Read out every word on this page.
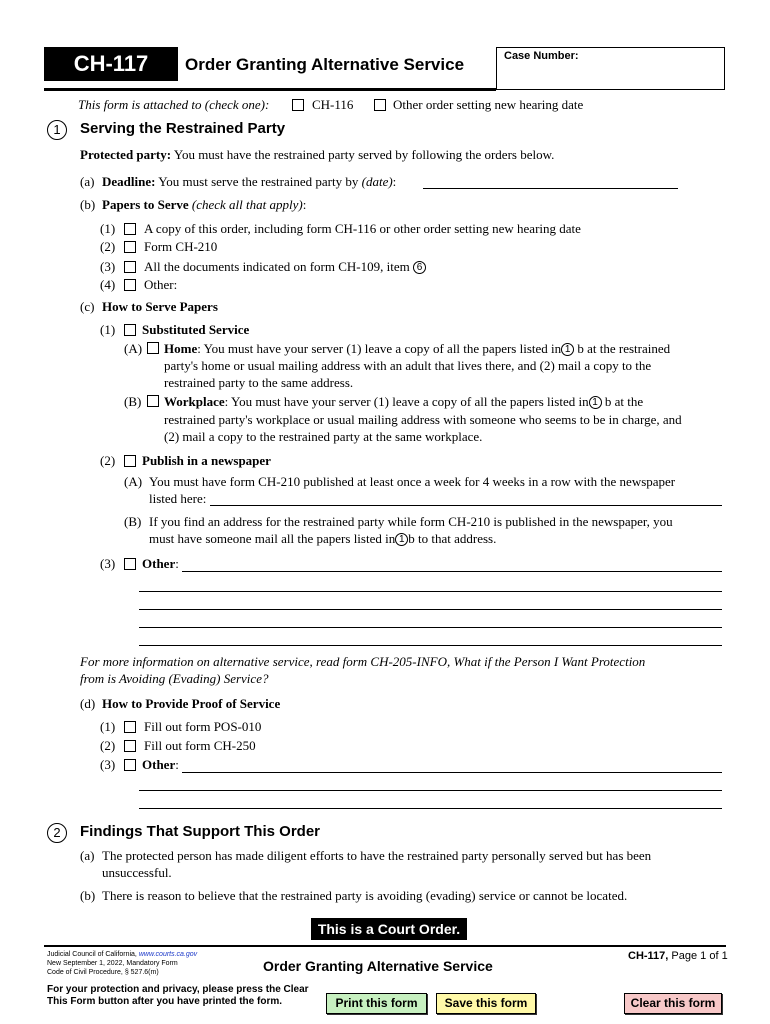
CH-117	Order Granting Alternative Service	Case Number:
This form is attached to (check one):	CH-116	Other order setting new hearing date
1	Serving the Restrained Party
Protected party: You must have the restrained party served by following the orders below.
(a) Deadline: You must serve the restrained party by (date):
(b) Papers to Serve (check all that apply):
(1) A copy of this order, including form CH-116 or other order setting new hearing date
(2) Form CH-210
(3) All the documents indicated on form CH-109, item 6
(4) Other:
(c) How to Serve Papers
(1) Substituted Service
(A) Home: You must have your server (1) leave a copy of all the papers listed in 1 b at the restrained
party's home or usual mailing address with an adult that lives there, and (2) mail a copy to the
restrained party to the same address.
(B) Workplace: You must have your server (1) leave a copy of all the papers listed in 1 b at the
restrained party's workplace or usual mailing address with someone who seems to be in charge, and
(2) mail a copy to the restrained party at the same workplace.
(2) Publish in a newspaper
(A) You must have form CH-210 published at least once a week for 4 weeks in a row with the newspaper
listed here:
(B) If you find an address for the restrained party while form CH-210 is published in the newspaper, you
must have someone mail all the papers listed in 1 b to that address.
(3) Other:
For more information on alternative service, read form CH-205-INFO, What if the Person I Want Protection
from is Avoiding (Evading) Service?
(d) How to Provide Proof of Service
(1) Fill out form POS-010
(2) Fill out form CH-250
(3) Other:
2	Findings That Support This Order
(a) The protected person has made diligent efforts to have the restrained party personally served but has been
unsuccessful.
(b) There is reason to believe that the restrained party is avoiding (evading) service or cannot be located.
This is a Court Order.
Judicial Council of California, www.courts.ca.gov
New September 1, 2022, Mandatory Form
Code of Civil Procedure, § 527.6(m)	Order Granting Alternative Service
CH-117, Page 1 of 1
For your protection and privacy, please press the Clear
This Form button after you have printed the form.	Print this form	Save this form	Clear this form
